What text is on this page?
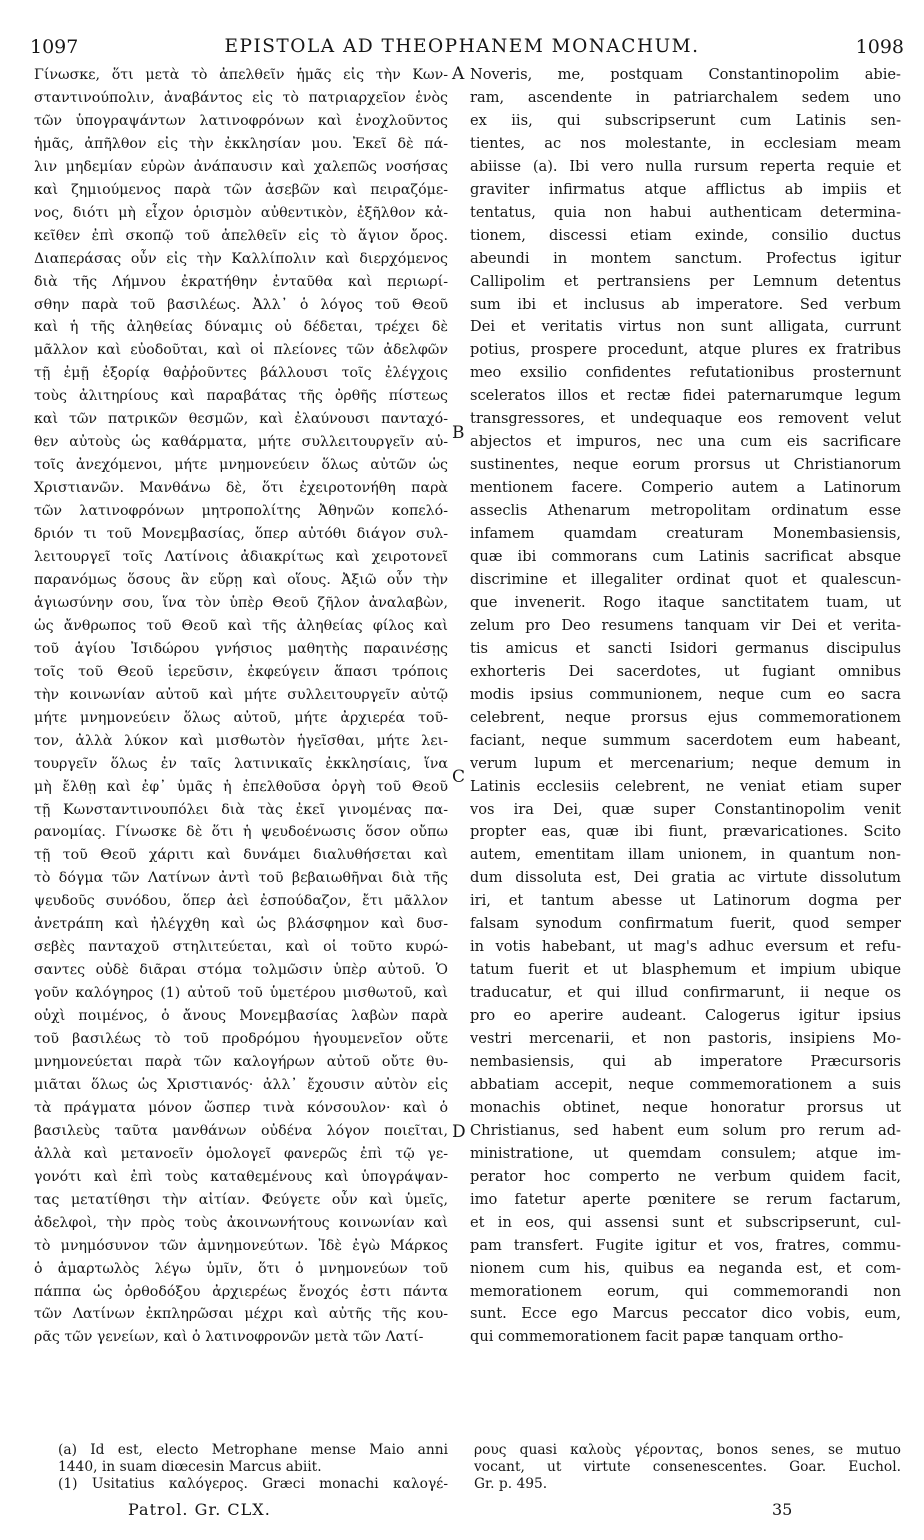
1097	EPISTOLA AD THEOPHANEM MONACHUM.	1098
Γίνωσκε, ὅτι μετὰ τὸ ἀπελθεῖν ἡμᾶς εἰς τὴν Κων-
σταντινούπολιν, ἀναβάντος εἰς τὸ πατριαρχεῖον ἑνὸς
τῶν ὑπογραψάντων λατινοφρόνων καὶ ἐνοχλοῦντος
ἡμᾶς, ἀπῆλθον εἰς τὴν ἐκκλησίαν μου. Ἐκεῖ δὲ πά-
λιν μηδεμίαν εὑρὼν ἀνάπαυσιν καὶ χαλεπῶς νοσήσας
καὶ ζημιούμενος παρὰ τῶν ἀσεβῶν καὶ πειραζόμε-
νος, διότι μὴ εἶχον ὁρισμὸν αὐθεντικὸν, ἐξῆλθον κἀ-
κεῖθεν ἐπὶ σκοπῷ τοῦ ἀπελθεῖν εἰς τὸ ἅγιον ὄρος.
Διαπεράσας οὖν εἰς τὴν Καλλίπολιν καὶ διερχόμενος
διὰ τῆς Λήμνου ἐκρατήθην ἐνταῦθα καὶ περιωρί-
σθην παρὰ τοῦ βασιλέως. Ἀλλ᾽ ὁ λόγος τοῦ Θεοῦ
καὶ ἡ τῆς ἀληθείας δύναμις οὐ δέδεται, τρέχει δὲ
μᾶλλον καὶ εὐοδοῦται, καὶ οἱ πλείονες τῶν ἀδελφῶν
τῇ ἐμῇ ἐξορίᾳ θαῤῥοῦντες βάλλουσι τοῖς ἐλέγχοις
τοὺς ἀλιτηρίους καὶ παραβάτας τῆς ὀρθῆς πίστεως
καὶ τῶν πατρικῶν θεσμῶν, καὶ ἐλαύνουσι πανταχό-
θεν αὐτοὺς ὡς καθάρματα, μήτε συλλειτουργεῖν αὐ-
τοῖς ἀνεχόμενοι, μήτε μνημονεύειν ὅλως αὐτῶν ὡς
Χριστιανῶν. Μανθάνω δὲ, ὅτι ἐχειροτονήθη παρὰ
τῶν λατινοφρόνων μητροπολίτης Ἀθηνῶν κοπελό-
δριόν τι τοῦ Μονεμβασίας, ὅπερ αὐτόθι διάγον συλ-
λειτουργεῖ τοῖς Λατίνοις ἀδιακρίτως καὶ χειροτονεῖ
παρανόμως ὅσους ἂν εὕρῃ καὶ οἵους. Ἀξιῶ οὖν τὴν
ἁγιωσύνην σου, ἵνα τὸν ὑπὲρ Θεοῦ ζῆλον ἀναλαβὼν,
ὡς ἄνθρωπος τοῦ Θεοῦ καὶ τῆς ἀληθείας φίλος καὶ
τοῦ ἁγίου Ἰσιδώρου γνήσιος μαθητὴς παραινέσῃς
τοῖς τοῦ Θεοῦ ἱερεῦσιν, ἐκφεύγειν ἅπασι τρόποις
τὴν κοινωνίαν αὐτοῦ καὶ μήτε συλλειτουργεῖν αὐτῷ
μήτε μνημονεύειν ὅλως αὐτοῦ, μήτε ἀρχιερέα τοῦ-
τον, ἀλλὰ λύκον καὶ μισθωτὸν ἡγεῖσθαι, μήτε λει-
τουργεῖν ὅλως ἐν ταῖς λατινικαῖς ἐκκλησίαις, ἵνα
μὴ ἔλθῃ καὶ ἐφ᾽ ὑμᾶς ἡ ἐπελθοῦσα ὀργὴ τοῦ Θεοῦ
τῇ Κωνσταντινουπόλει διὰ τὰς ἐκεῖ γινομένας πα-
ρανομίας. Γίνωσκε δὲ ὅτι ἡ ψευδοένωσις ὅσον οὔπω
τῇ τοῦ Θεοῦ χάριτι καὶ δυνάμει διαλυθήσεται καὶ
τὸ δόγμα τῶν Λατίνων ἀντὶ τοῦ βεβαιωθῆναι διὰ τῆς
ψευδοῦς συνόδου, ὅπερ ἀεὶ ἐσπούδαζον, ἔτι μᾶλλον
ἀνετράπη καὶ ἠλέγχθη καὶ ὡς βλάσφημον καὶ δυσ-
σεβὲς πανταχοῦ στηλιτεύεται, καὶ οἱ τοῦτο κυρώ-
σαντες οὐδὲ διᾶραι στόμα τολμῶσιν ὑπὲρ αὐτοῦ. Ὁ
γοῦν καλόγηρος (1) αὐτοῦ τοῦ ὑμετέρου μισθωτοῦ, καὶ
οὐχὶ ποιμένος, ὁ ἄνους Μονεμβασίας λαβὼν παρὰ
τοῦ βασιλέως τὸ τοῦ προδρόμου ἡγουμενεῖον οὔτε
μνημονεύεται παρὰ τῶν καλογήρων αὐτοῦ οὔτε θυ-
μιᾶται ὅλως ὡς Χριστιανός· ἀλλ᾽ ἔχουσιν αὐτὸν εἰς
τὰ πράγματα μόνον ὥσπερ τινὰ κόνσουλον· καὶ ὁ
βασιλεὺς ταῦτα μανθάνων οὐδένα λόγον ποιεῖται,
ἀλλὰ καὶ μετανοεῖν ὁμολογεῖ φανερῶς ἐπὶ τῷ γε-
γονότι καὶ ἐπὶ τοὺς καταθεμένους καὶ ὑπογράψαν-
τας μετατίθησι τὴν αἰτίαν. Φεύγετε οὖν καὶ ὑμεῖς,
ἀδελφοὶ, τὴν πρὸς τοὺς ἀκοινωνήτους κοινωνίαν καὶ
τὸ μνημόσυνον τῶν ἀμνημονεύτων. Ἰδὲ ἐγὼ Μάρκος
ὁ ἁμαρτωλὸς λέγω ὑμῖν, ὅτι ὁ μνημονεύων τοῦ
πάππα ὡς ὀρθοδόξου ἀρχιερέως ἔνοχός ἐστι πάντα
τῶν Λατίνων ἐκπληρῶσαι μέχρι καὶ αὐτῆς τῆς κου-
ρᾶς τῶν γενείων, καὶ ὁ λατινοφρονῶν μετὰ τῶν Λατί-
Noveris, me, postquam Constantinopolim abie-
ram, ascendente in patriarchalem sedem uno
ex iis, qui subscripserunt cum Latinis sen-
tientes, ac nos molestante, in ecclesiam meam
abiisse (a). Ibi vero nulla rursum reperta requie et
graviter infirmatus atque afflictus ab impiis et
tentatus, quia non habui authenticam determina-
tionem, discessi etiam exinde, consilio ductus
abeundi in montem sanctum. Profectus igitur
Callipolim et pertransiens per Lemnum detentus
sum ibi et inclusus ab imperatore. Sed verbum
Dei et veritatis virtus non sunt alligata, currunt
potius, prospere procedunt, atque plures ex fratribus
meo exsilio confidentes refutationibus prosternunt
sceleratos illos et rectæ fidei paternarumque legum
transgressores, et undequaque eos removent velut
abjectos et impuros, nec una cum eis sacrificare
sustinentes, neque eorum prorsus ut Christianorum
mentionem facere. Comperio autem a Latinorum
asseclis Athenarum metropolitam ordinatum esse
infamem quamdam creaturam Monembasiensis,
quæ ibi commorans cum Latinis sacrificat absque
discrimine et illegaliter ordinat quot et qualescun-
que invenerit. Rogo itaque sanctitatem tuam, ut
zelum pro Deo resumens tanquam vir Dei et verita-
tis amicus et sancti Isidori germanus discipulus
exhorteris Dei sacerdotes, ut fugiant omnibus
modis ipsius communionem, neque cum eo sacra
celebrent, neque prorsus ejus commemorationem
faciant, neque summum sacerdotem eum habeant,
verum lupum et mercenarium; neque demum in
Latinis ecclesiis celebrent, ne veniat etiam super
vos ira Dei, quæ super Constantinopolim venit
propter eas, quæ ibi fiunt, prævaricationes. Scito
autem, ementitam illam unionem, in quantum non-
dum dissoluta est, Dei gratia ac virtute dissolutum
iri, et tantum abesse ut Latinorum dogma per
falsam synodum confirmatum fuerit, quod semper
in votis habebant, ut mag's adhuc eversum et refu-
tatum fuerit et ut blasphemum et impium ubique
traducatur, et qui illud confirmarunt, ii neque os
pro eo aperire audeant. Calogerus igitur ipsius
vestri mercenarii, et non pastoris, insipiens Mo-
nembasiensis, qui ab imperatore Præcursoris
abbatiam accepit, neque commemorationem a suis
monachis obtinet, neque honoratur prorsus ut
Christianus, sed habent eum solum pro rerum ad-
ministratione, ut quemdam consulem; atque im-
perator hoc comperto ne verbum quidem facit,
imo fatetur aperte pœnitere se rerum factarum,
et in eos, qui assensi sunt et subscripserunt, cul-
pam transfert. Fugite igitur et vos, fratres, commu-
nionem cum his, quibus ea neganda est, et com-
memorationem eorum, qui commemorandi non
sunt. Ecce ego Marcus peccator dico vobis, eum,
qui commemorationem facit papæ tanquam ortho-
A
B
C
D
(a) Id est, electo Metrophane mense Maio anni
1440, in suam diœcesin Marcus abiit.
(1) Usitatius καλόγερος. Græci monachi καλογέ-
ρους quasi καλοὺς γέροντας, bonos senes, se mutuo
vocant, ut virtute consenescentes. Goar. Euchol.
Gr. p. 495.
Patrol. Gr. CLX.	35
